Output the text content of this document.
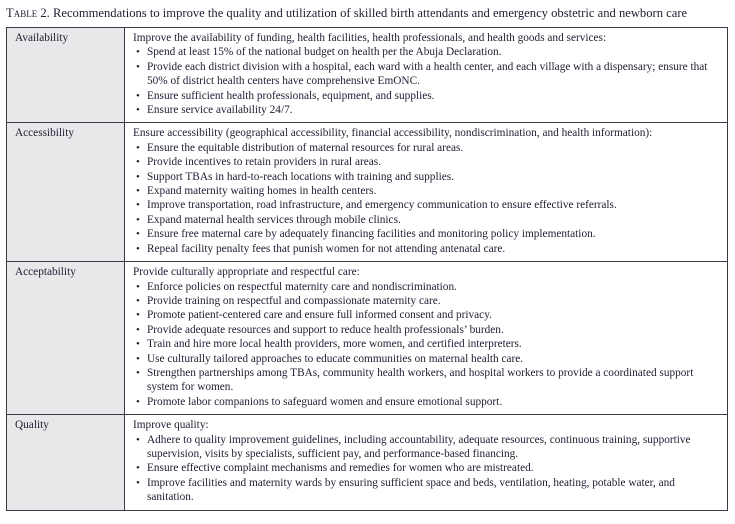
Table 2. Recommendations to improve the quality and utilization of skilled birth attendants and emergency obstetric and newborn care

Availability	Improve the availability of funding, health facilities, health professionals, and health goods and services:

• Spend at least 15% of the national budget on health per the Abuja Declaration.
• Provide each district division with a hospital, each ward with a health center, and each village with a dispensary; ensure that 50% of district health centers have comprehensive EmONC.
• Ensure sufficient health professionals, equipment, and supplies.
• Ensure service availability 24/7.

Accessibility	Ensure accessibility (geographical accessibility, financial accessibility, nondiscrimination, and health information):

• Ensure the equitable distribution of maternal resources for rural areas.
• Provide incentives to retain providers in rural areas.
• Support TBAs in hard-to-reach locations with training and supplies.
• Expand maternity waiting homes in health centers.
• Improve transportation, road infrastructure, and emergency communication to ensure effective referrals.
• Expand maternal health services through mobile clinics.
• Ensure free maternal care by adequately financing facilities and monitoring policy implementation.
• Repeal facility penalty fees that punish women for not attending antenatal care.

Acceptability	Provide culturally appropriate and respectful care:

• Enforce policies on respectful maternity care and nondiscrimination.
• Provide training on respectful and compassionate maternity care.
• Promote patient-centered care and ensure full informed consent and privacy.
• Provide adequate resources and support to reduce health professionals’ burden.
• Train and hire more local health providers, more women, and certified interpreters.
• Use culturally tailored approaches to educate communities on maternal health care.
• Strengthen partnerships among TBAs, community health workers, and hospital workers to provide a coordinated support system for women.
• Promote labor companions to safeguard women and ensure emotional support.

Quality	Improve quality:

• Adhere to quality improvement guidelines, including accountability, adequate resources, continuous training, supportive supervision, visits by specialists, sufficient pay, and performance-based financing.
• Ensure effective complaint mechanisms and remedies for women who are mistreated.
• Improve facilities and maternity wards by ensuring sufficient space and beds, ventilation, heating, potable water, and sanitation.
